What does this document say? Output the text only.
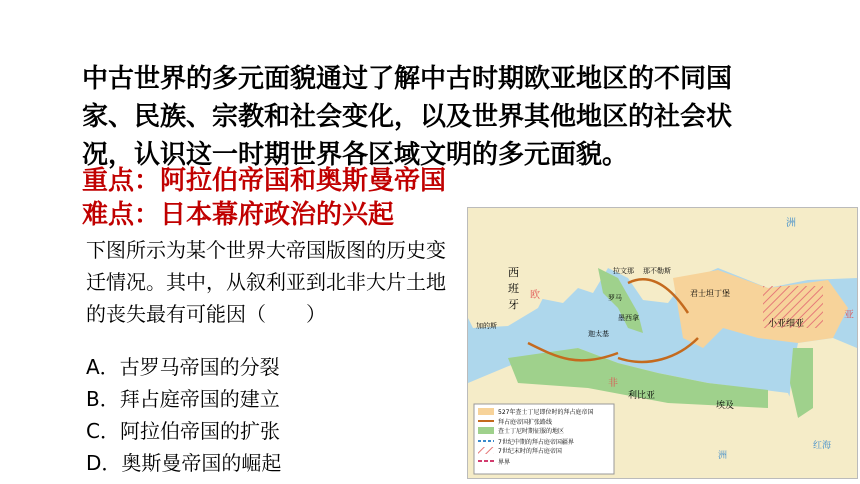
中古世界的多元面貌通过了解中古时期欧亚地区的不同国家、民族、宗教和社会变化，以及世界其他地区的社会状况，认识这一时期世界各区域文明的多元面貌。

重点：阿拉伯帝国和奥斯曼帝国

难点：日本幕府政治的兴起

下图所示为某个世界大帝国版图的历史变迁情况。其中，从叙利亚到北非大片土地的丧失最有可能因（　　）

A．古罗马帝国的分裂

B．拜占庭帝国的建立

C．阿拉伯帝国的扩张

D．奥斯曼帝国的崛起

527年查士丁尼即位时的拜占庭帝国
拜占庭帝国扩张路线
查士丁尼时期征服的地区
7世纪中期的拜占庭帝国疆界
7世纪末时的拜占庭帝国
界界
西班牙
欧
洲
君士坦丁堡
小亚细亚
亚
埃及
非
利比亚
红海
洲
迦太基
罗马
拉文那
墨西拿
加的斯
那不勒斯
